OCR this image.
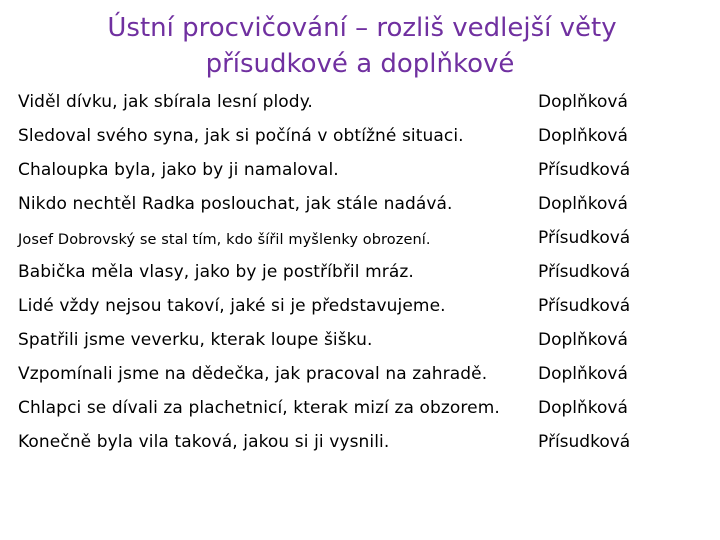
Ústní procvičování – rozliš vedlejší věty
přísudkové a doplňkové
Viděl dívku, jak sbírala lesní plody.	Doplňková
Sledoval svého syna, jak si počíná v obtížné situaci.	Doplňková
Chaloupka byla, jako by ji namaloval.	Přísudková
Nikdo nechtěl Radka poslouchat, jak stále nadává.	Doplňková
Josef Dobrovský se stal tím, kdo šířil myšlenky obrození.	Přísudková
Babička měla vlasy, jako by je postříbřil mráz.	Přísudková
Lidé vždy nejsou takoví, jaké si je představujeme.	Přísudková
Spatřili jsme veverku, kterak loupe šišku.	Doplňková
Vzpomínali jsme na dědečka, jak pracoval na zahradě.	Doplňková
Chlapci se dívali za plachetnicí, kterak mizí za obzorem. Doplňková
Konečně byla vila taková, jakou si ji vysnili.	Přísudková
